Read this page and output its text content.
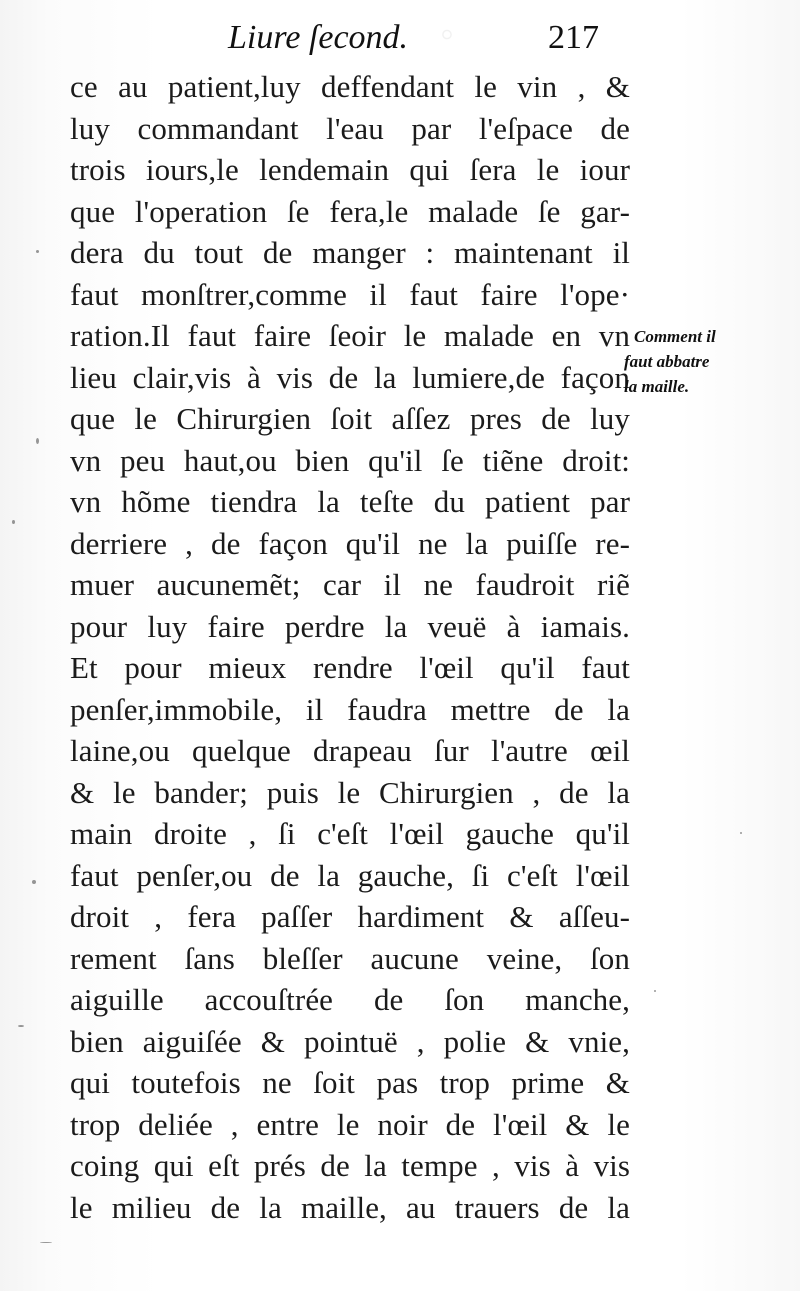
◦
Liure ſecond.	217
ce au patient,luy deffendant le vin , &
luy commandant l'eau par l'eſpace de
trois iours,le lendemain qui ſera le iour
que l'operation ſe fera,le malade ſe gar-
dera du tout de manger : maintenant il
faut monſtrer,comme il faut faire l'ope·
ration.Il faut faire ſeoir le malade en vn
lieu clair,vis à vis de la lumiere,de façon
que le Chirurgien ſoit aſſez pres de luy
vn peu haut,ou bien qu'il ſe tiẽne droit:
vn hõme tiendra la teſte du patient par
derriere , de façon qu'il ne la puiſſe re-
muer aucunemẽt; car il ne faudroit riẽ
pour luy faire perdre la veuë à iamais.
Et pour mieux rendre l'œil qu'il faut
penſer,immobile, il faudra mettre de la
laine,ou quelque drapeau ſur l'autre œil
& le bander; puis le Chirurgien , de la
main droite , ſi c'eſt l'œil gauche qu'il
faut penſer,ou de la gauche, ſi c'eſt l'œil
droit , fera paſſer hardiment & aſſeu-
rement ſans bleſſer aucune veine, ſon
aiguille accouſtrée de ſon manche,
bien aiguiſée & pointuë , polie & vnie,
qui toutefois ne ſoit pas trop prime &
trop deliée , entre le noir de l'œil & le
coing qui eſt prés de la tempe , vis à vis
le milieu de la maille, au trauers de la
Comment il
faut abbatre
la maille.
